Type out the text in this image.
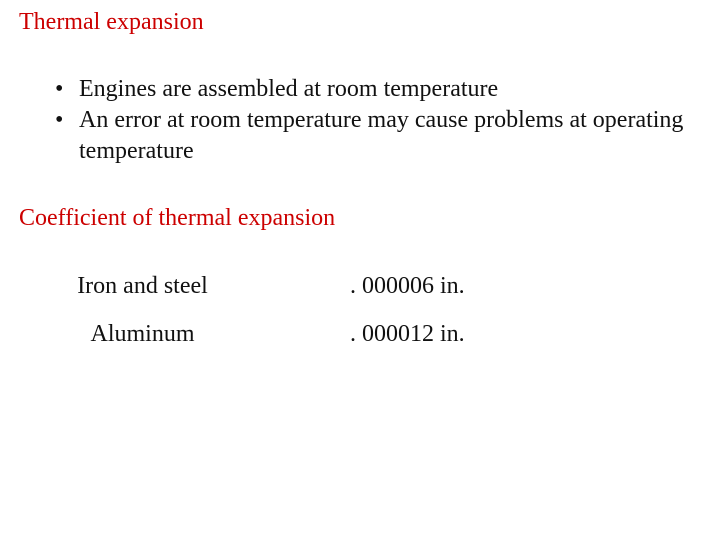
Thermal expansion
• Engines are assembled at room temperature
• An error at room temperature may cause problems at operating temperature
Coefficient of thermal expansion
Iron and steel	. 000006 in.
Aluminum	. 000012 in.
